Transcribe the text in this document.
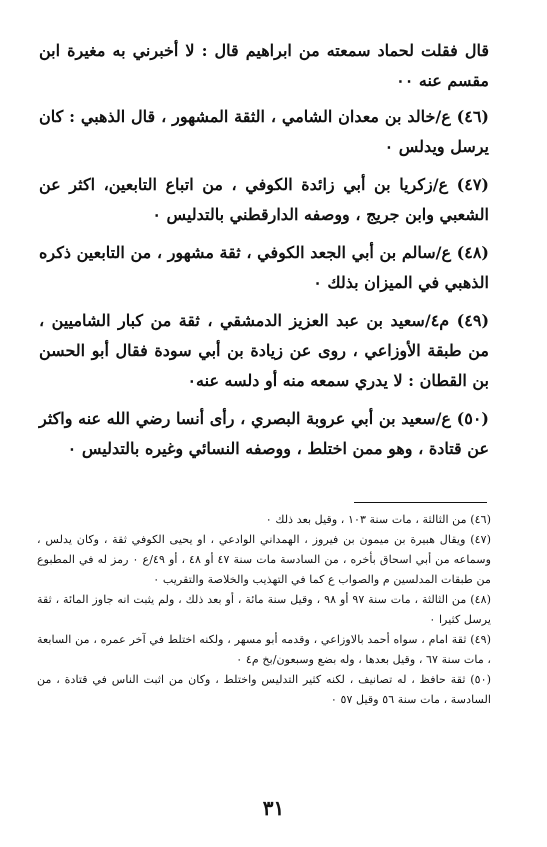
قال فقلت لحماد سمعته من ابراهيم قال : لا أخبرني به مغيرة ابن مقسم عنه ٠٠

(٤٦) ع/خالد بن معدان الشامي ، الثقة المشهور ، قال الذهبي : كان يرسل ويدلس ٠

(٤٧) ع/زكريا بن أبي زائدة الكوفي ، من اتباع التابعين، اكثر عن الشعبي وابن جريج ، ووصفه الدارقطني بالتدليس ٠

(٤٨) ع/سالم بن أبي الجعد الكوفي ، ثقة مشهور ، من التابعين ذكره الذهبي في الميزان بذلك ٠

(٤٩) م٤/سعيد بن عبد العزيز الدمشقي ، ثقة من كبار الشاميين ، من طبقة الأوزاعي ، روى عن زيادة بن أبي سودة فقال أبو الحسن بن القطان : لا يدري سمعه منه أو دلسه عنه٠

(٥٠) ع/سعيد بن أبي عروبة البصري ، رأى أنسا رضي الله عنه واكثر عن قتادة ، وهو ممن اختلط ، ووصفه النسائي وغيره بالتدليس ٠

(٤٦) من الثالثة ، مات سنة ١٠٣ ، وقيل بعد ذلك ٠

(٤٧) ويقال هبيرة بن ميمون بن فيروز ، الهمداني الوادعي ، او يحيى الكوفي ثقة ، وكان يدلس ، وسماعه من أبي اسحاق بأخره ، من السادسة مات سنة ٤٧ أو ٤٨ ، أو ٤٩/ع ٠ رمز له في المطبوع من طبقات المدلسين م والصواب ع كما في التهذيب والخلاصة والتقريب ٠

(٤٨) من الثالثة ، مات سنة ٩٧ أو ٩٨ ، وقيل سنة مائة ، أو بعد ذلك ، ولم يثبت انه جاوز المائة ، ثقة يرسل كثيرا ٠

(٤٩) ثقة امام ، سواه أحمد بالاوزاعي ، وقدمه أبو مسهر ، ولكنه اختلط في آخر عمره ، من السابعة ، مات سنة ٦٧ ، وقيل بعدها ، وله بضع وسبعون/بخ م٤ ٠

(٥٠) ثقة حافظ ، له تصانيف ، لكنه كثير التدليس واختلط ، وكان من اثبت الناس في قتادة ، من السادسة ، مات سنة ٥٦ وقيل ٥٧ ٠

٣١
